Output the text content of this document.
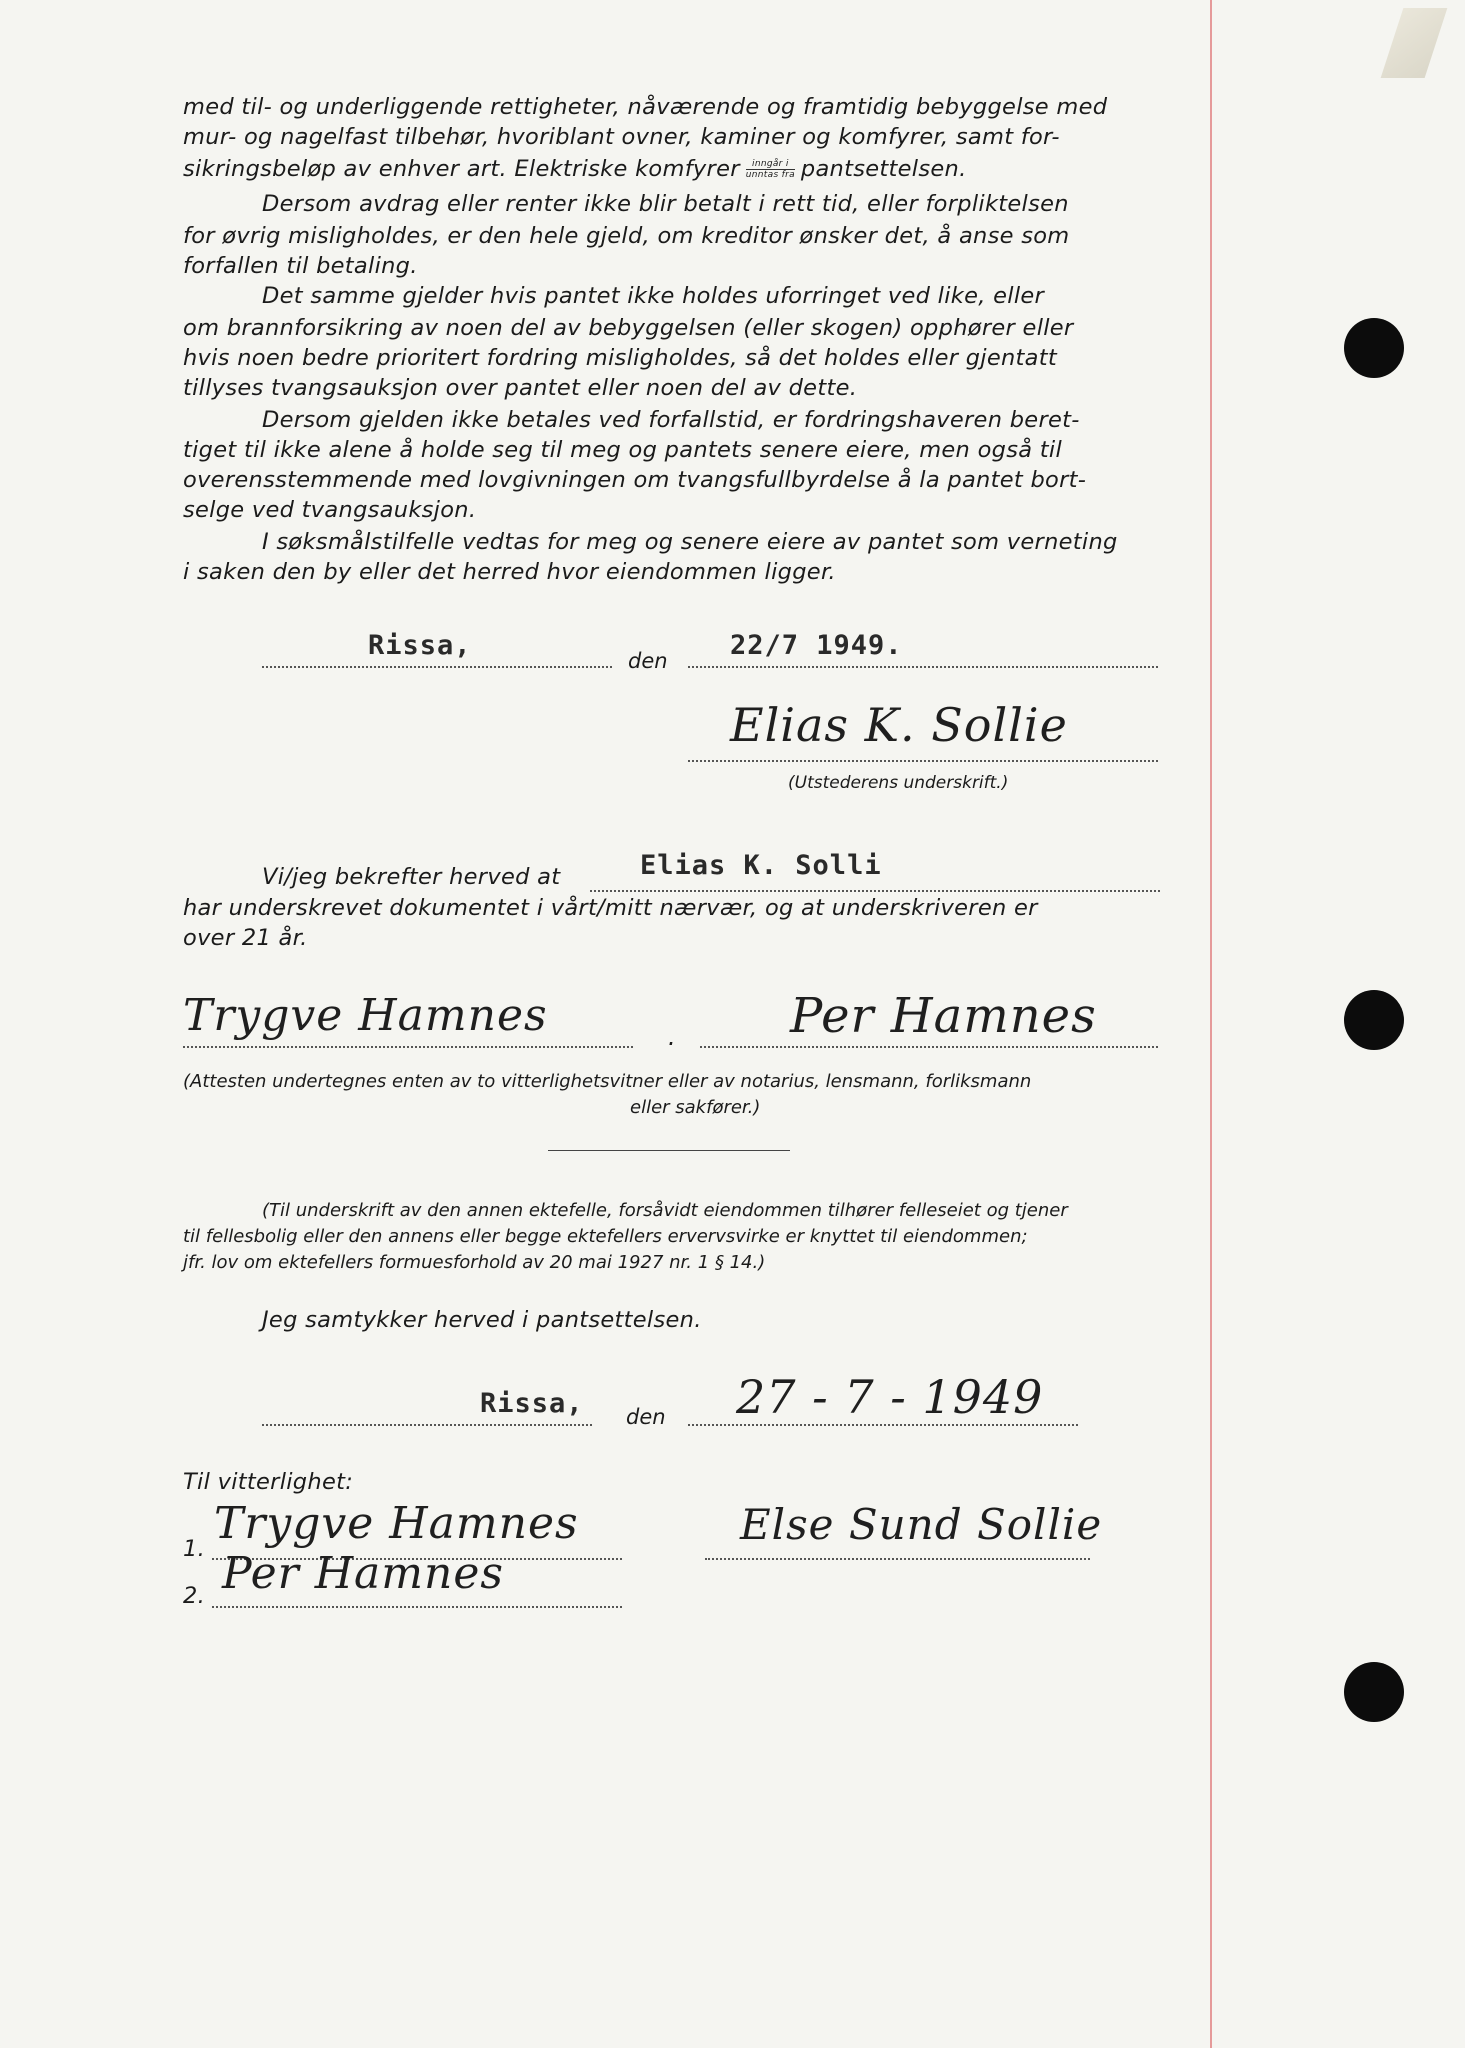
med til- og underliggende rettigheter, nåværende og framtidig bebyggelse med
mur- og nagelfast tilbehør, hvoriblant ovner, kaminer og komfyrer, samt for-
sikringsbeløp av enhver art. Elektriske komfyrer	inngår i
unntas fra pantsettelsen.
Dersom avdrag eller renter ikke blir betalt i rett tid, eller forpliktelsen
for øvrig misligholdes, er den hele gjeld, om kreditor ønsker det, å anse som
forfallen til betaling.
Det samme gjelder hvis pantet ikke holdes uforringet ved like, eller
om brannforsikring av noen del av bebyggelsen (eller skogen) opphører eller
hvis noen bedre prioritert fordring misligholdes, så det holdes eller gjentatt
tillyses tvangsauksjon over pantet eller noen del av dette.
Dersom gjelden ikke betales ved forfallstid, er fordringshaveren beret-
tiget til ikke alene å holde seg til meg og pantets senere eiere, men også til
overensstemmende med lovgivningen om tvangsfullbyrdelse å la pantet bort-
selge ved tvangsauksjon.
I søksmålstilfelle vedtas for meg og senere eiere av pantet som verneting
i saken den by eller det herred hvor eiendommen ligger.
Rissa,	den 22/7 1949.
Elias K. Sollie
(Utstederens underskrift.)
Vi/jeg bekrefter herved at	Elias K. Solli
har underskrevet dokumentet i vårt/mitt nærvær, og at underskriveren er
over 21 år.
Trygve Hamnes	. Per Hamnes
(Attesten undertegnes enten av to vitterlighetsvitner eller av notarius, lensmann, forliksmann
eller sakfører.)
(Til underskrift av den annen ektefelle, forsåvidt eiendommen tilhører felleseiet og tjener
til fellesbolig eller den annens eller begge ektefellers ervervsvirke er knyttet til eiendommen;
jfr. lov om ektefellers formuesforhold av 20 mai 1927 nr. 1 § 14.)
Jeg samtykker herved i pantsettelsen.
Rissa, den 27 - 7 - 1949
Til vitterlighet:
1. Trygve Hamnes	Else Sund Sollie
2. Per Hamnes
